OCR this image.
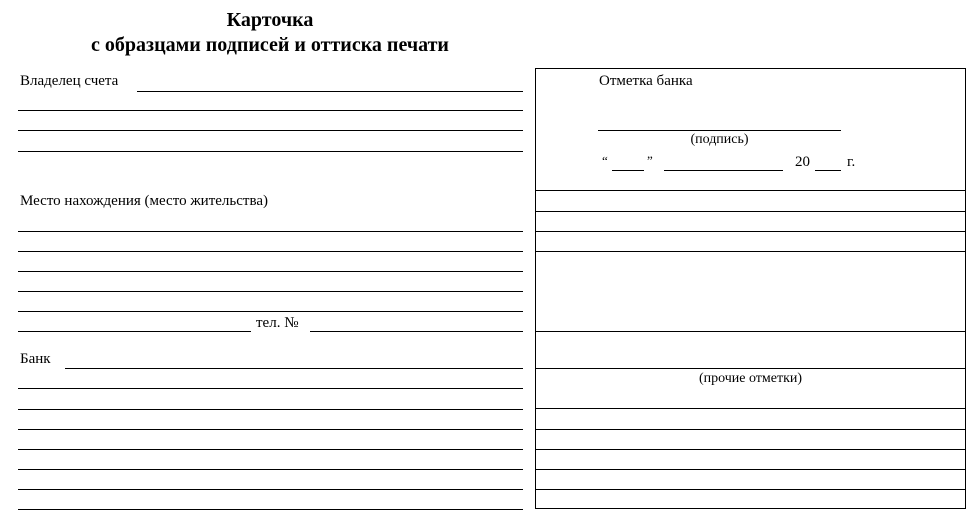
Карточка
с образцами подписей и оттиска печати
Владелец счета
Место нахождения (место жительства)
тел. №
Банк
Отметка банка
(подпись)
“	”	20 г.
(прочие отметки)
